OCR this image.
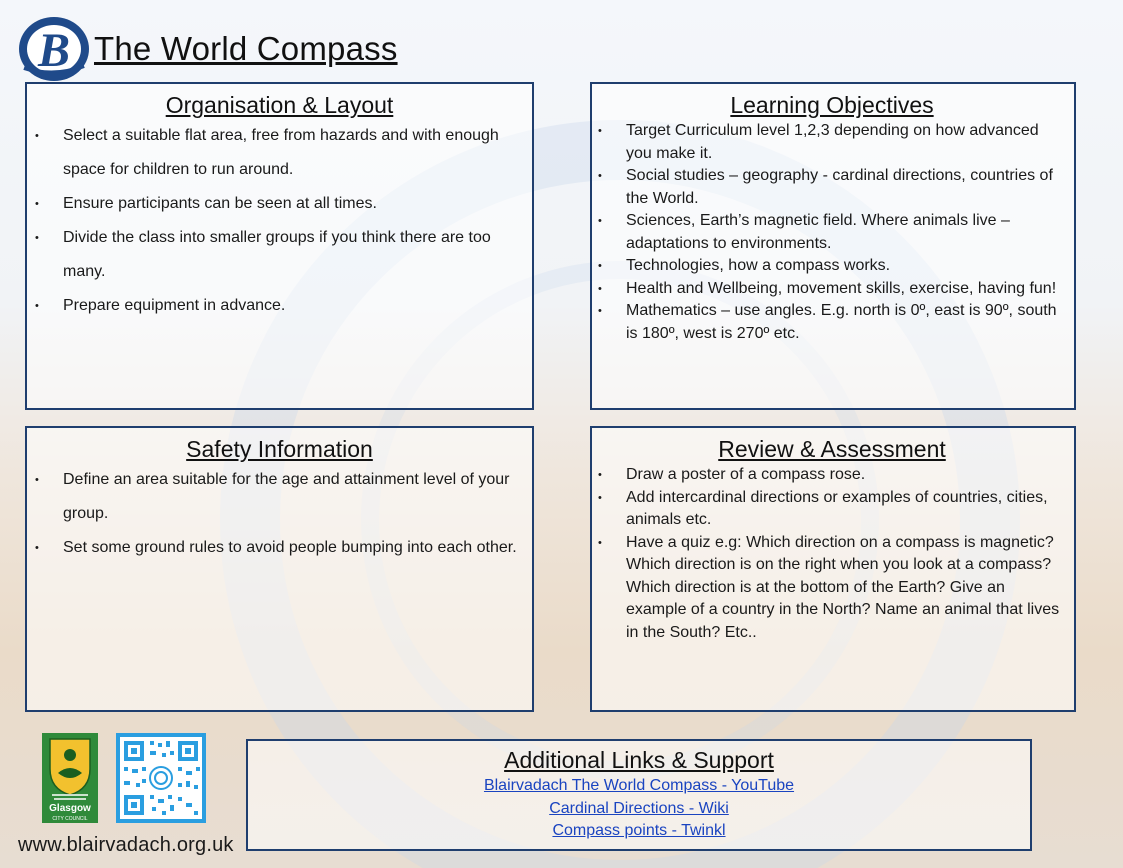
B The World Compass
Organisation & Layout
• Select a suitable flat area, free from hazards and with enough space for children to run around.
• Ensure participants can be seen at all times.
• Divide the class into smaller groups if you think there are too many.
• Prepare equipment in advance.
Learning Objectives
• Target Curriculum level 1,2,3 depending on how advanced you make it.
• Social studies – geography - cardinal directions, countries of the World.
• Sciences, Earth’s magnetic field. Where animals live – adaptations to environments.
• Technologies, how a compass works.
• Health and Wellbeing, movement skills, exercise, having fun!
• Mathematics – use angles. E.g. north is 0º, east is 90º, south is 180º, west is 270º etc.
Safety Information
• Define an area suitable for the age and attainment level of your group.
• Set some ground rules to avoid people bumping into each other.
Review & Assessment
• Draw a poster of a compass rose.
• Add intercardinal directions or examples of countries, cities, animals etc.
• Have a quiz e.g: Which direction on a compass is magnetic? Which direction is on the right when you look at a compass? Which direction is at the bottom of the Earth? Give an example of a country in the North? Name an animal that lives in the South? Etc..
Glasgow
CITY COUNCIL
www.blairvadach.org.uk
Additional Links & Support
Blairvadach The World Compass - YouTube
Cardinal Directions - Wiki
Compass points - Twinkl
